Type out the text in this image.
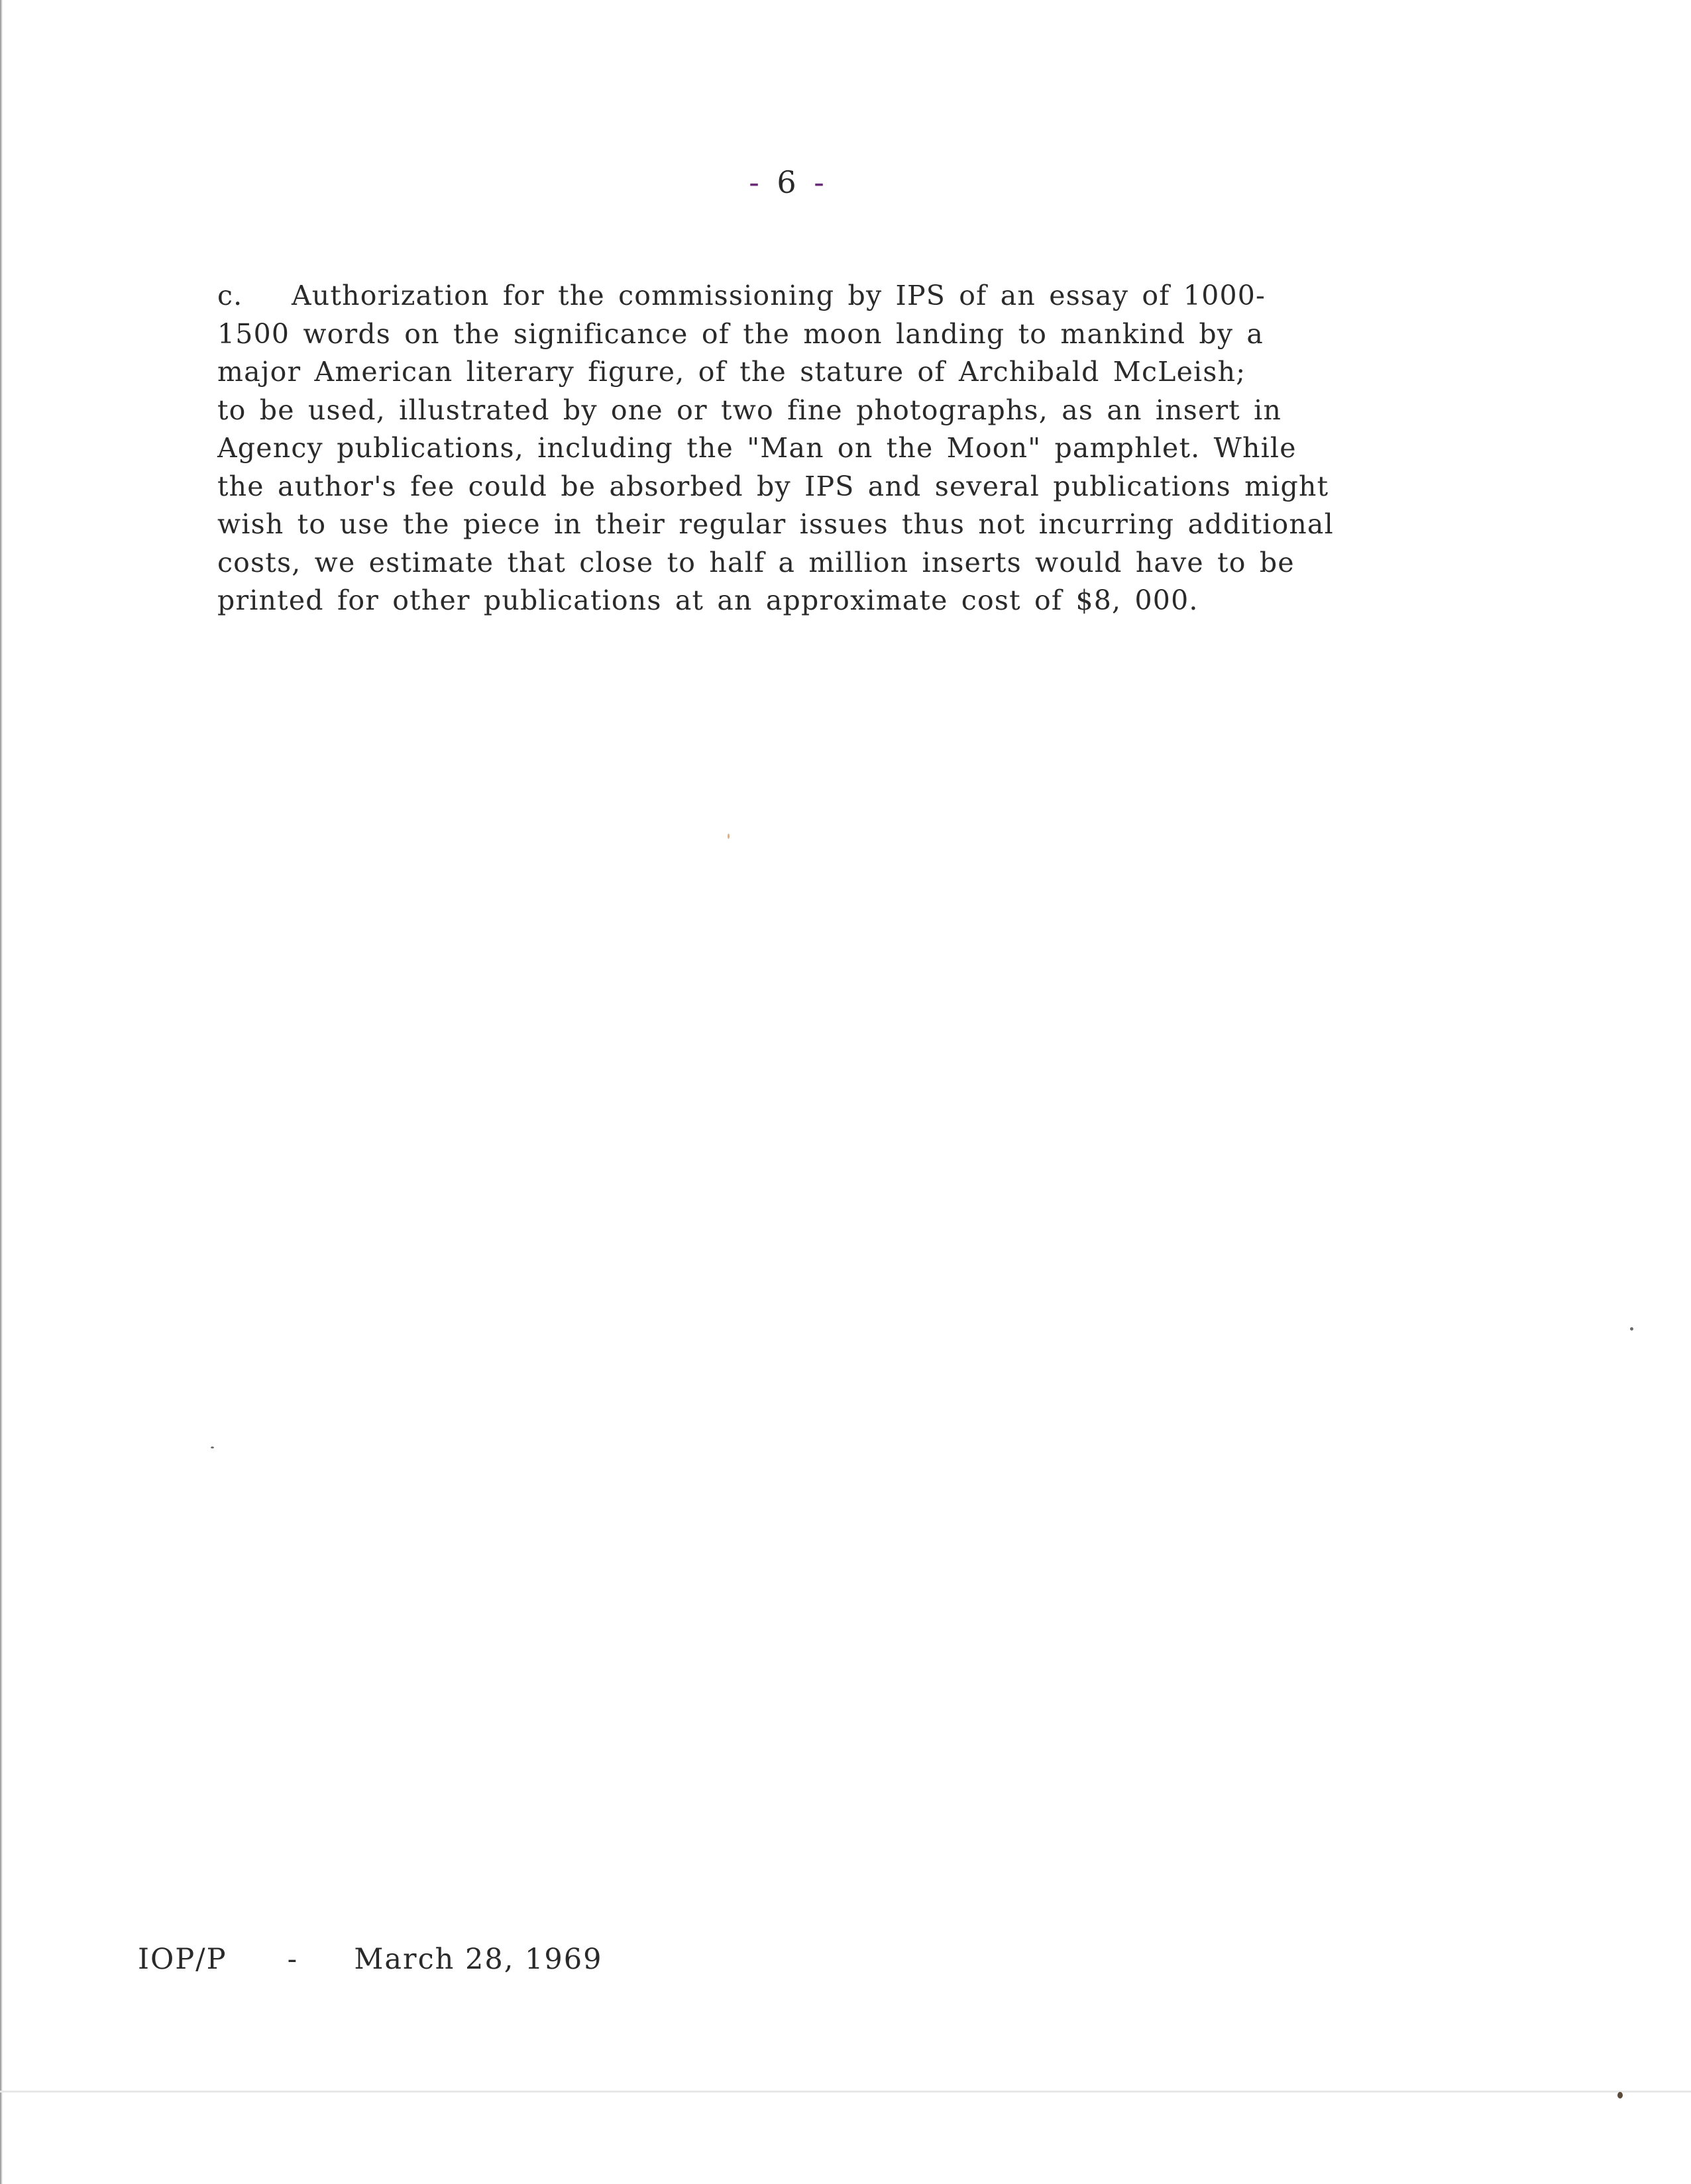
- 6 -
c. Authorization for the commissioning by IPS of an essay of 1000-
1500 words on the significance of the moon landing to mankind by a
major American literary figure, of the stature of Archibald McLeish;
to be used, illustrated by one or two fine photographs, as an insert in
Agency publications, including the "Man on the Moon" pamphlet. While
the author's fee could be absorbed by IPS and several publications might
wish to use the piece in their regular issues thus not incurring additional
costs, we estimate that close to half a million inserts would have to be
printed for other publications at an approximate cost of $8, 000.
IOP/P - March 28, 1969
